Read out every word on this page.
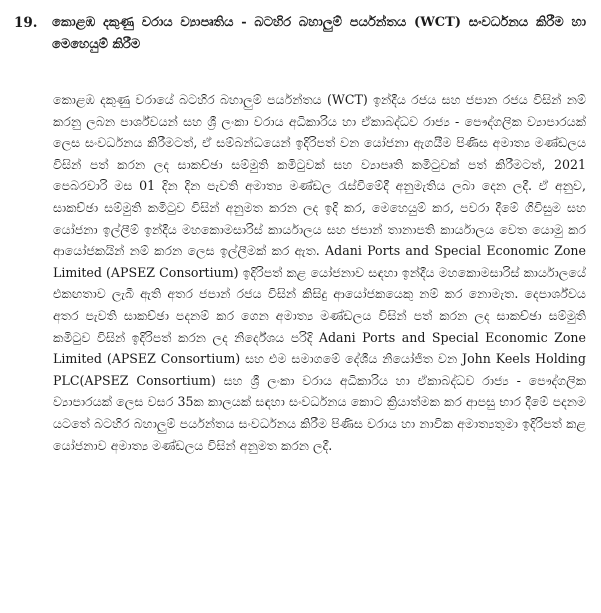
19.	කොළඹ දකුණු වරාය ව්‍යාපෘතිය - බටහිර බහාලුම් පර්යන්තය (WCT) සංවර්ධනය කිරීම හා මෙහෙයුම් කිරීම

කොළඹ දකුණු වරායේ බටහිර බහාලුම් පර්යන්තය (WCT) ඉන්දීය රජය සහ ජපාන රජය විසින් නම් කරනු ලබන පාර්ශ්වයන් සහ ශ්‍රී ලංකා වරාය අධිකාරිය හා ඒකාබද්ධව රාජ්‍ය - පෞද්ගලික ව්‍යාපාරයක් ලෙස සංවර්ධනය කිරීමටත්, ඒ සම්බන්ධයෙන් ඉදිරිපත් වන යෝජනා ඇගයීම පිණිස අමාත්‍ය මණ්ඩලය විසින් පත් කරන ලද සාකච්ඡා සම්මුති කමිටුවක් සහ ව්‍යාපෘති කමිටුවක් පත් කිරීමටත්, 2021 පෙබරවාරි මස 01 දින දින පැවති අමාත්‍ය මණ්ඩල රැස්වීමේදී අනුමැතිය ලබා දෙන ලදී. ඒ අනුව, සාකච්ඡා සම්මුති කමිටුව විසින් අනුමත කරන ලද ඉදි කර, මෙහෙයුම් කර, පවරා දීමේ ගිවිසුම සහ යෝජනා ඉල්ලීම් ඉන්දීය මහකොමසාරිස් කාර්යාලය සහ ජපාන් තානාපති කාර්යාලය වෙත යොමු කර ආයෝජකයින් නම් කරන ලෙස ඉල්ලීමක් කර ඇත. Adani Ports and Special Economic Zone Limited (APSEZ Consortium) ඉදිරිපත් කළ යෝජනාව සඳහා ඉන්දීය මහකොමසාරිස් කාර්යාලයේ එකඟතාව ලැබී ඇති අතර ජපාන් රජය විසින් කිසිදු ආයෝජකයෙකු නම් කර නොමැත. දෙපාර්ශ්වය අතර පැවති සාකච්ඡා පදනම් කර ගෙන අමාත්‍ය මණ්ඩලය විසින් පත් කරන ලද සාකච්ඡා සම්මුති කමිටුව විසින් ඉදිරිපත් කරන ලද නිර්දේශය පරිදි Adani Ports and Special Economic Zone Limited (APSEZ Consortium) සහ එම සමාගමේ දේශීය නියෝජිත වන John Keels Holding PLC(APSEZ Consortium) සහ ශ්‍රී ලංකා වරාය අධිකාරිය හා ඒකාබද්ධව රාජ්‍ය - පෞද්ගලික ව්‍යාපාරයක් ලෙස වසර 35ක කාලයක් සඳහා සංවර්ධනය කොට ක්‍රියාත්මක කර ආපසු භාර දීමේ පදනම යටතේ බටහිර බහාලුම් පර්යන්තය සංවර්ධනය කිරීම පිණිස වරාය හා නාවික අමාත්‍යතුමා ඉදිරිපත් කළ යෝජනාව අමාත්‍ය මණ්ඩලය විසින් අනුමත කරන ලදී.
